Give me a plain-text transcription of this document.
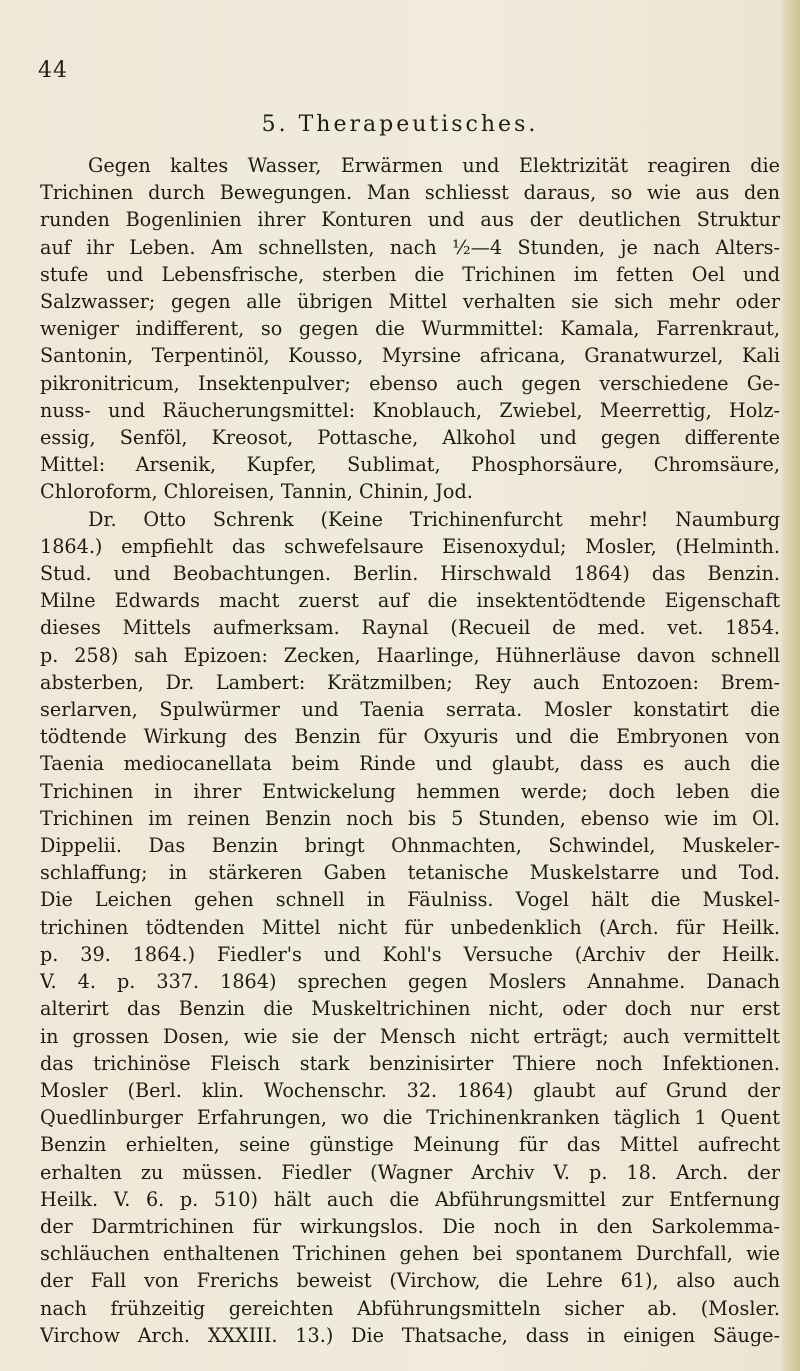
44
5. Therapeutisches.
Gegen kaltes Wasser, Erwärmen und Elektrizität reagiren die
Trichinen durch Bewegungen. Man schliesst daraus, so wie aus den
runden Bogenlinien ihrer Konturen und aus der deutlichen Struktur
auf ihr Leben. Am schnellsten, nach ½—4 Stunden, je nach Alters-
stufe und Lebensfrische, sterben die Trichinen im fetten Oel und
Salzwasser; gegen alle übrigen Mittel verhalten sie sich mehr oder
weniger indifferent, so gegen die Wurmmittel: Kamala, Farrenkraut,
Santonin, Terpentinöl, Kousso, Myrsine africana, Granatwurzel, Kali
pikronitricum, Insektenpulver; ebenso auch gegen verschiedene Ge-
nuss- und Räucherungsmittel: Knoblauch, Zwiebel, Meerrettig, Holz-
essig, Senföl, Kreosot, Pottasche, Alkohol und gegen differente
Mittel: Arsenik, Kupfer, Sublimat, Phosphorsäure, Chromsäure,
Chloroform, Chloreisen, Tannin, Chinin, Jod.
Dr. Otto Schrenk (Keine Trichinenfurcht mehr! Naumburg
1864.) empfiehlt das schwefelsaure Eisenoxydul; Mosler, (Helminth.
Stud. und Beobachtungen. Berlin. Hirschwald 1864) das Benzin.
Milne Edwards macht zuerst auf die insektentödtende Eigenschaft
dieses Mittels aufmerksam. Raynal (Recueil de med. vet. 1854.
p. 258) sah Epizoen: Zecken, Haarlinge, Hühnerläuse davon schnell
absterben, Dr. Lambert: Krätzmilben; Rey auch Entozoen: Brem-
serlarven, Spulwürmer und Taenia serrata. Mosler konstatirt die
tödtende Wirkung des Benzin für Oxyuris und die Embryonen von
Taenia mediocanellata beim Rinde und glaubt, dass es auch die
Trichinen in ihrer Entwickelung hemmen werde; doch leben die
Trichinen im reinen Benzin noch bis 5 Stunden, ebenso wie im Ol.
Dippelii. Das Benzin bringt Ohnmachten, Schwindel, Muskeler-
schlaffung; in stärkeren Gaben tetanische Muskelstarre und Tod.
Die Leichen gehen schnell in Fäulniss. Vogel hält die Muskel-
trichinen tödtenden Mittel nicht für unbedenklich (Arch. für Heilk.
p. 39. 1864.) Fiedler's und Kohl's Versuche (Archiv der Heilk.
V. 4. p. 337. 1864) sprechen gegen Moslers Annahme. Danach
alterirt das Benzin die Muskeltrichinen nicht, oder doch nur erst
in grossen Dosen, wie sie der Mensch nicht erträgt; auch vermittelt
das trichinöse Fleisch stark benzinisirter Thiere noch Infektionen.
Mosler (Berl. klin. Wochenschr. 32. 1864) glaubt auf Grund der
Quedlinburger Erfahrungen, wo die Trichinenkranken täglich 1 Quent
Benzin erhielten, seine günstige Meinung für das Mittel aufrecht
erhalten zu müssen. Fiedler (Wagner Archiv V. p. 18. Arch. der
Heilk. V. 6. p. 510) hält auch die Abführungsmittel zur Entfernung
der Darmtrichinen für wirkungslos. Die noch in den Sarkolemma-
schläuchen enthaltenen Trichinen gehen bei spontanem Durchfall, wie
der Fall von Frerichs beweist (Virchow, die Lehre 61), also auch
nach frühzeitig gereichten Abführungsmitteln sicher ab. (Mosler.
Virchow Arch. XXXIII. 13.) Die Thatsache, dass in einigen Säuge-
